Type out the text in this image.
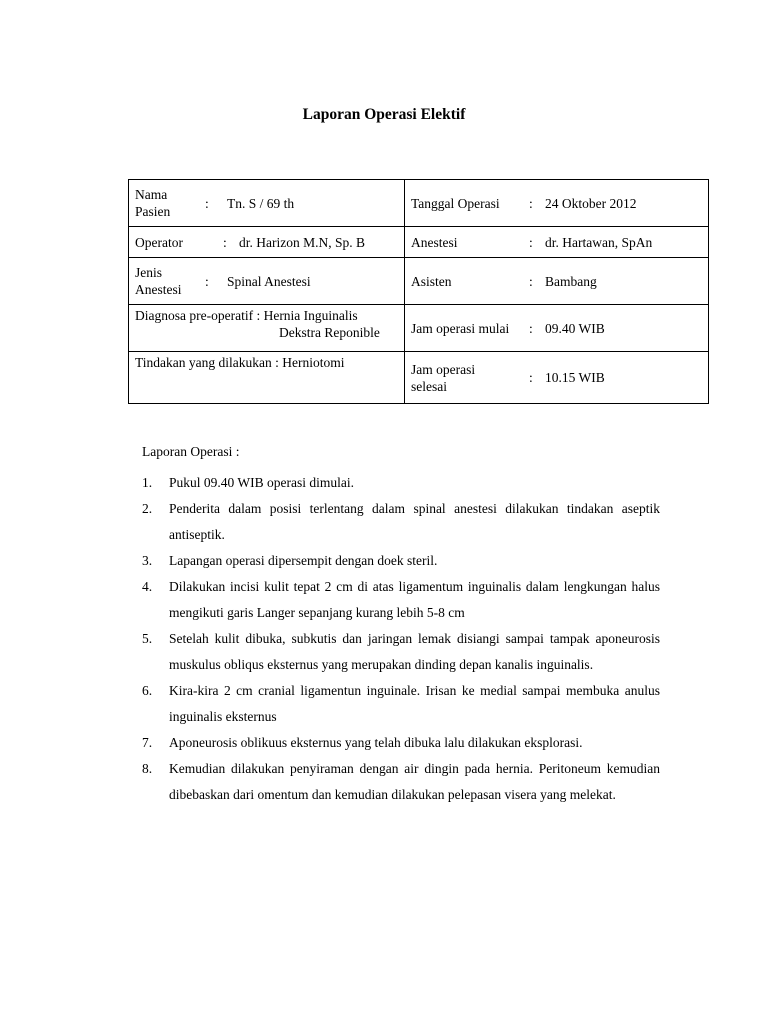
Laporan Operasi Elektif
Nama Pasien
: Tn. S / 69 th	Tanggal Operasi : 24 Oktober 2012

Operator : dr. Harizon M.N, Sp. B	Anestesi : dr. Hartawan, SpAn

Jenis Anestesi
: Spinal Anestesi	Asisten : Bambang

Diagnosa pre-operatif : Hernia Inguinalis
Dekstra Reponible	Jam operasi mulai : 09.40 WIB

Tindakan yang dilakukan : Herniotomi	Jam operasi selesai
: 10.15 WIB
Laporan Operasi :
1.	Pukul 09.40 WIB operasi dimulai.
2.	Penderita dalam posisi terlentang dalam spinal anestesi dilakukan tindakan aseptik antiseptik.
3.	Lapangan operasi dipersempit dengan doek steril.
4.	Dilakukan incisi kulit tepat 2 cm di atas ligamentum inguinalis dalam lengkungan halus mengikuti garis Langer sepanjang kurang lebih 5-8 cm
5.	Setelah kulit dibuka, subkutis dan jaringan lemak disiangi sampai tampak aponeurosis muskulus obliqus eksternus yang merupakan dinding depan kanalis inguinalis.
6.	Kira-kira 2 cm cranial ligamentun inguinale. Irisan ke medial sampai membuka anulus inguinalis eksternus
7.	Aponeurosis oblikuus eksternus yang telah dibuka lalu dilakukan eksplorasi.
8.	Kemudian dilakukan penyiraman dengan air dingin pada hernia. Peritoneum kemudian dibebaskan dari omentum dan kemudian dilakukan pelepasan visera yang melekat.
